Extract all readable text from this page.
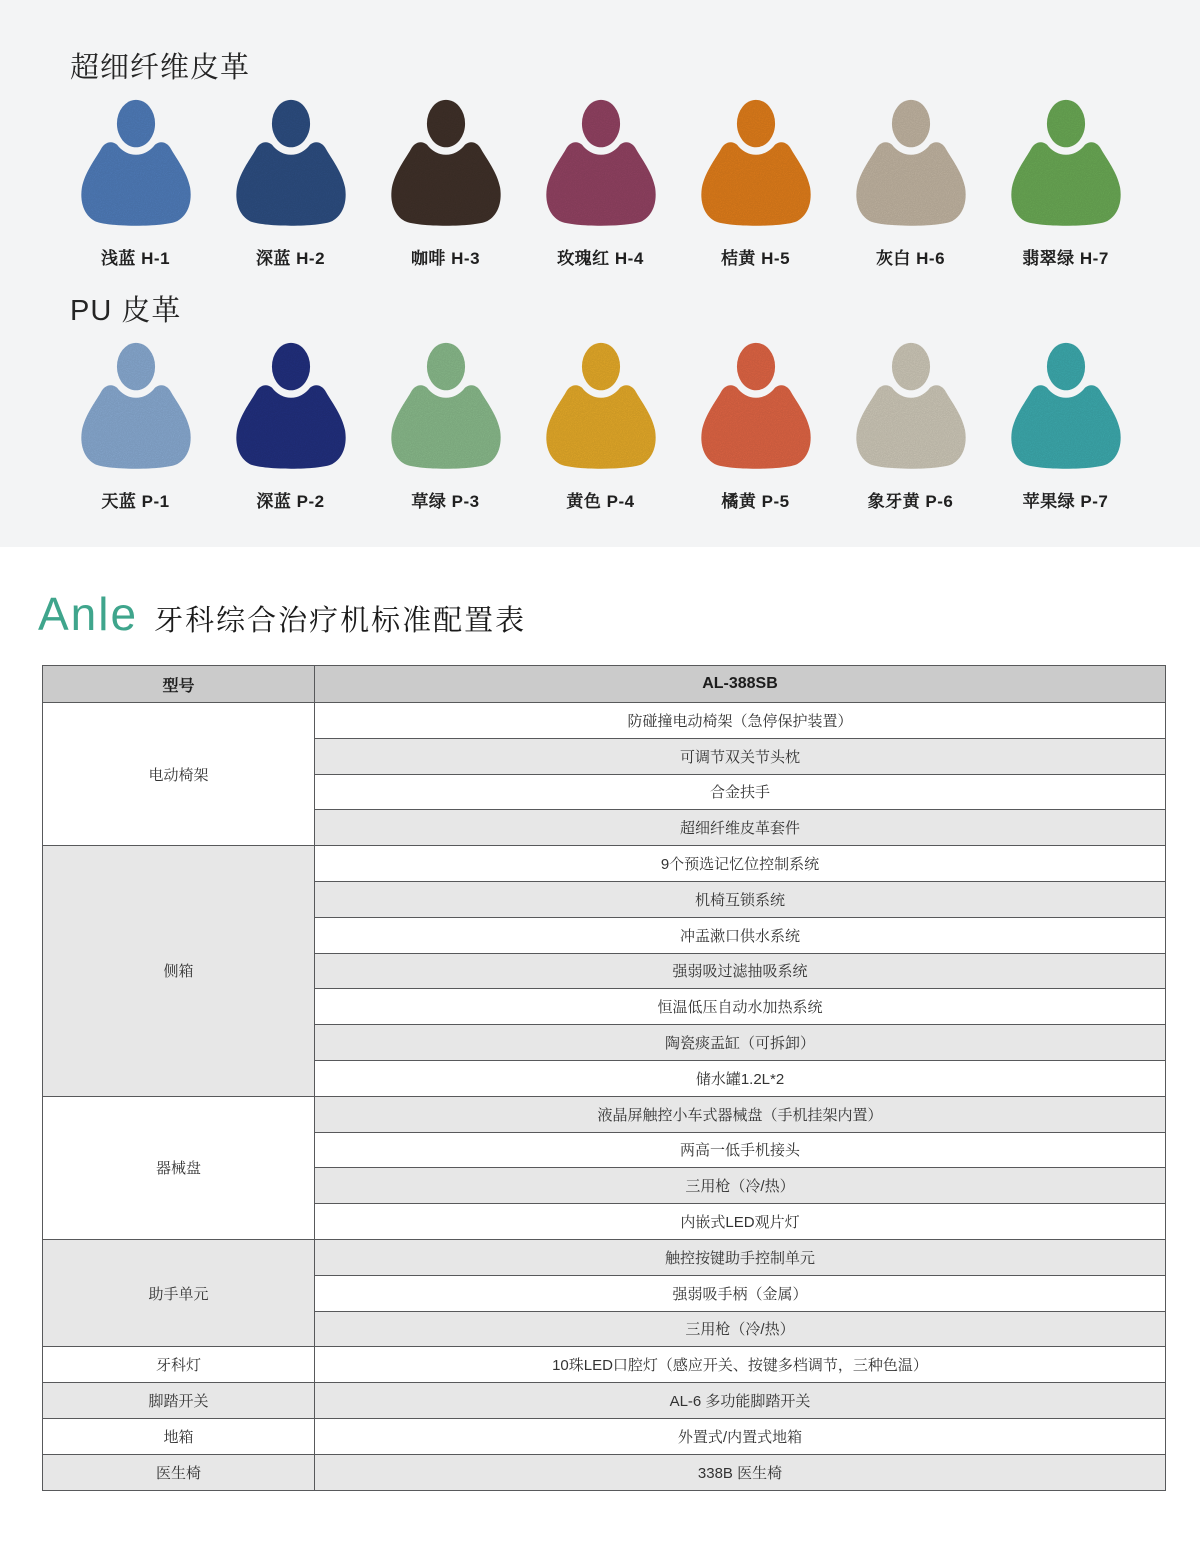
超细纤维皮革
浅蓝 H-1	深蓝 H-2	咖啡 H-3	玫瑰红 H-4	桔黄 H-5	灰白 H-6	翡翠绿 H-7
PU 皮革
天蓝 P-1	深蓝 P-2	草绿 P-3	黄色 P-4	橘黄 P-5	象牙黄 P-6	苹果绿 P-7
Anle 牙科综合治疗机标准配置表
型号	AL-388SB
电动椅架	防碰撞电动椅架（急停保护装置）
	可调节双关节头枕
	合金扶手
	超细纤维皮革套件
侧箱	9个预选记忆位控制系统
	机椅互锁系统
	冲盂漱口供水系统
	强弱吸过滤抽吸系统
	恒温低压自动水加热系统
	陶瓷痰盂缸（可拆卸）
	储水罐1.2L*2
器械盘	液晶屏触控小车式器械盘（手机挂架内置）
	两高一低手机接头
	三用枪（冷/热）
	内嵌式LED观片灯
助手单元	触控按键助手控制单元
	强弱吸手柄（金属）
	三用枪（冷/热）
牙科灯	10珠LED口腔灯（感应开关、按键多档调节，三种色温）
脚踏开关	AL-6 多功能脚踏开关
地箱	外置式/内置式地箱
医生椅	338B 医生椅
